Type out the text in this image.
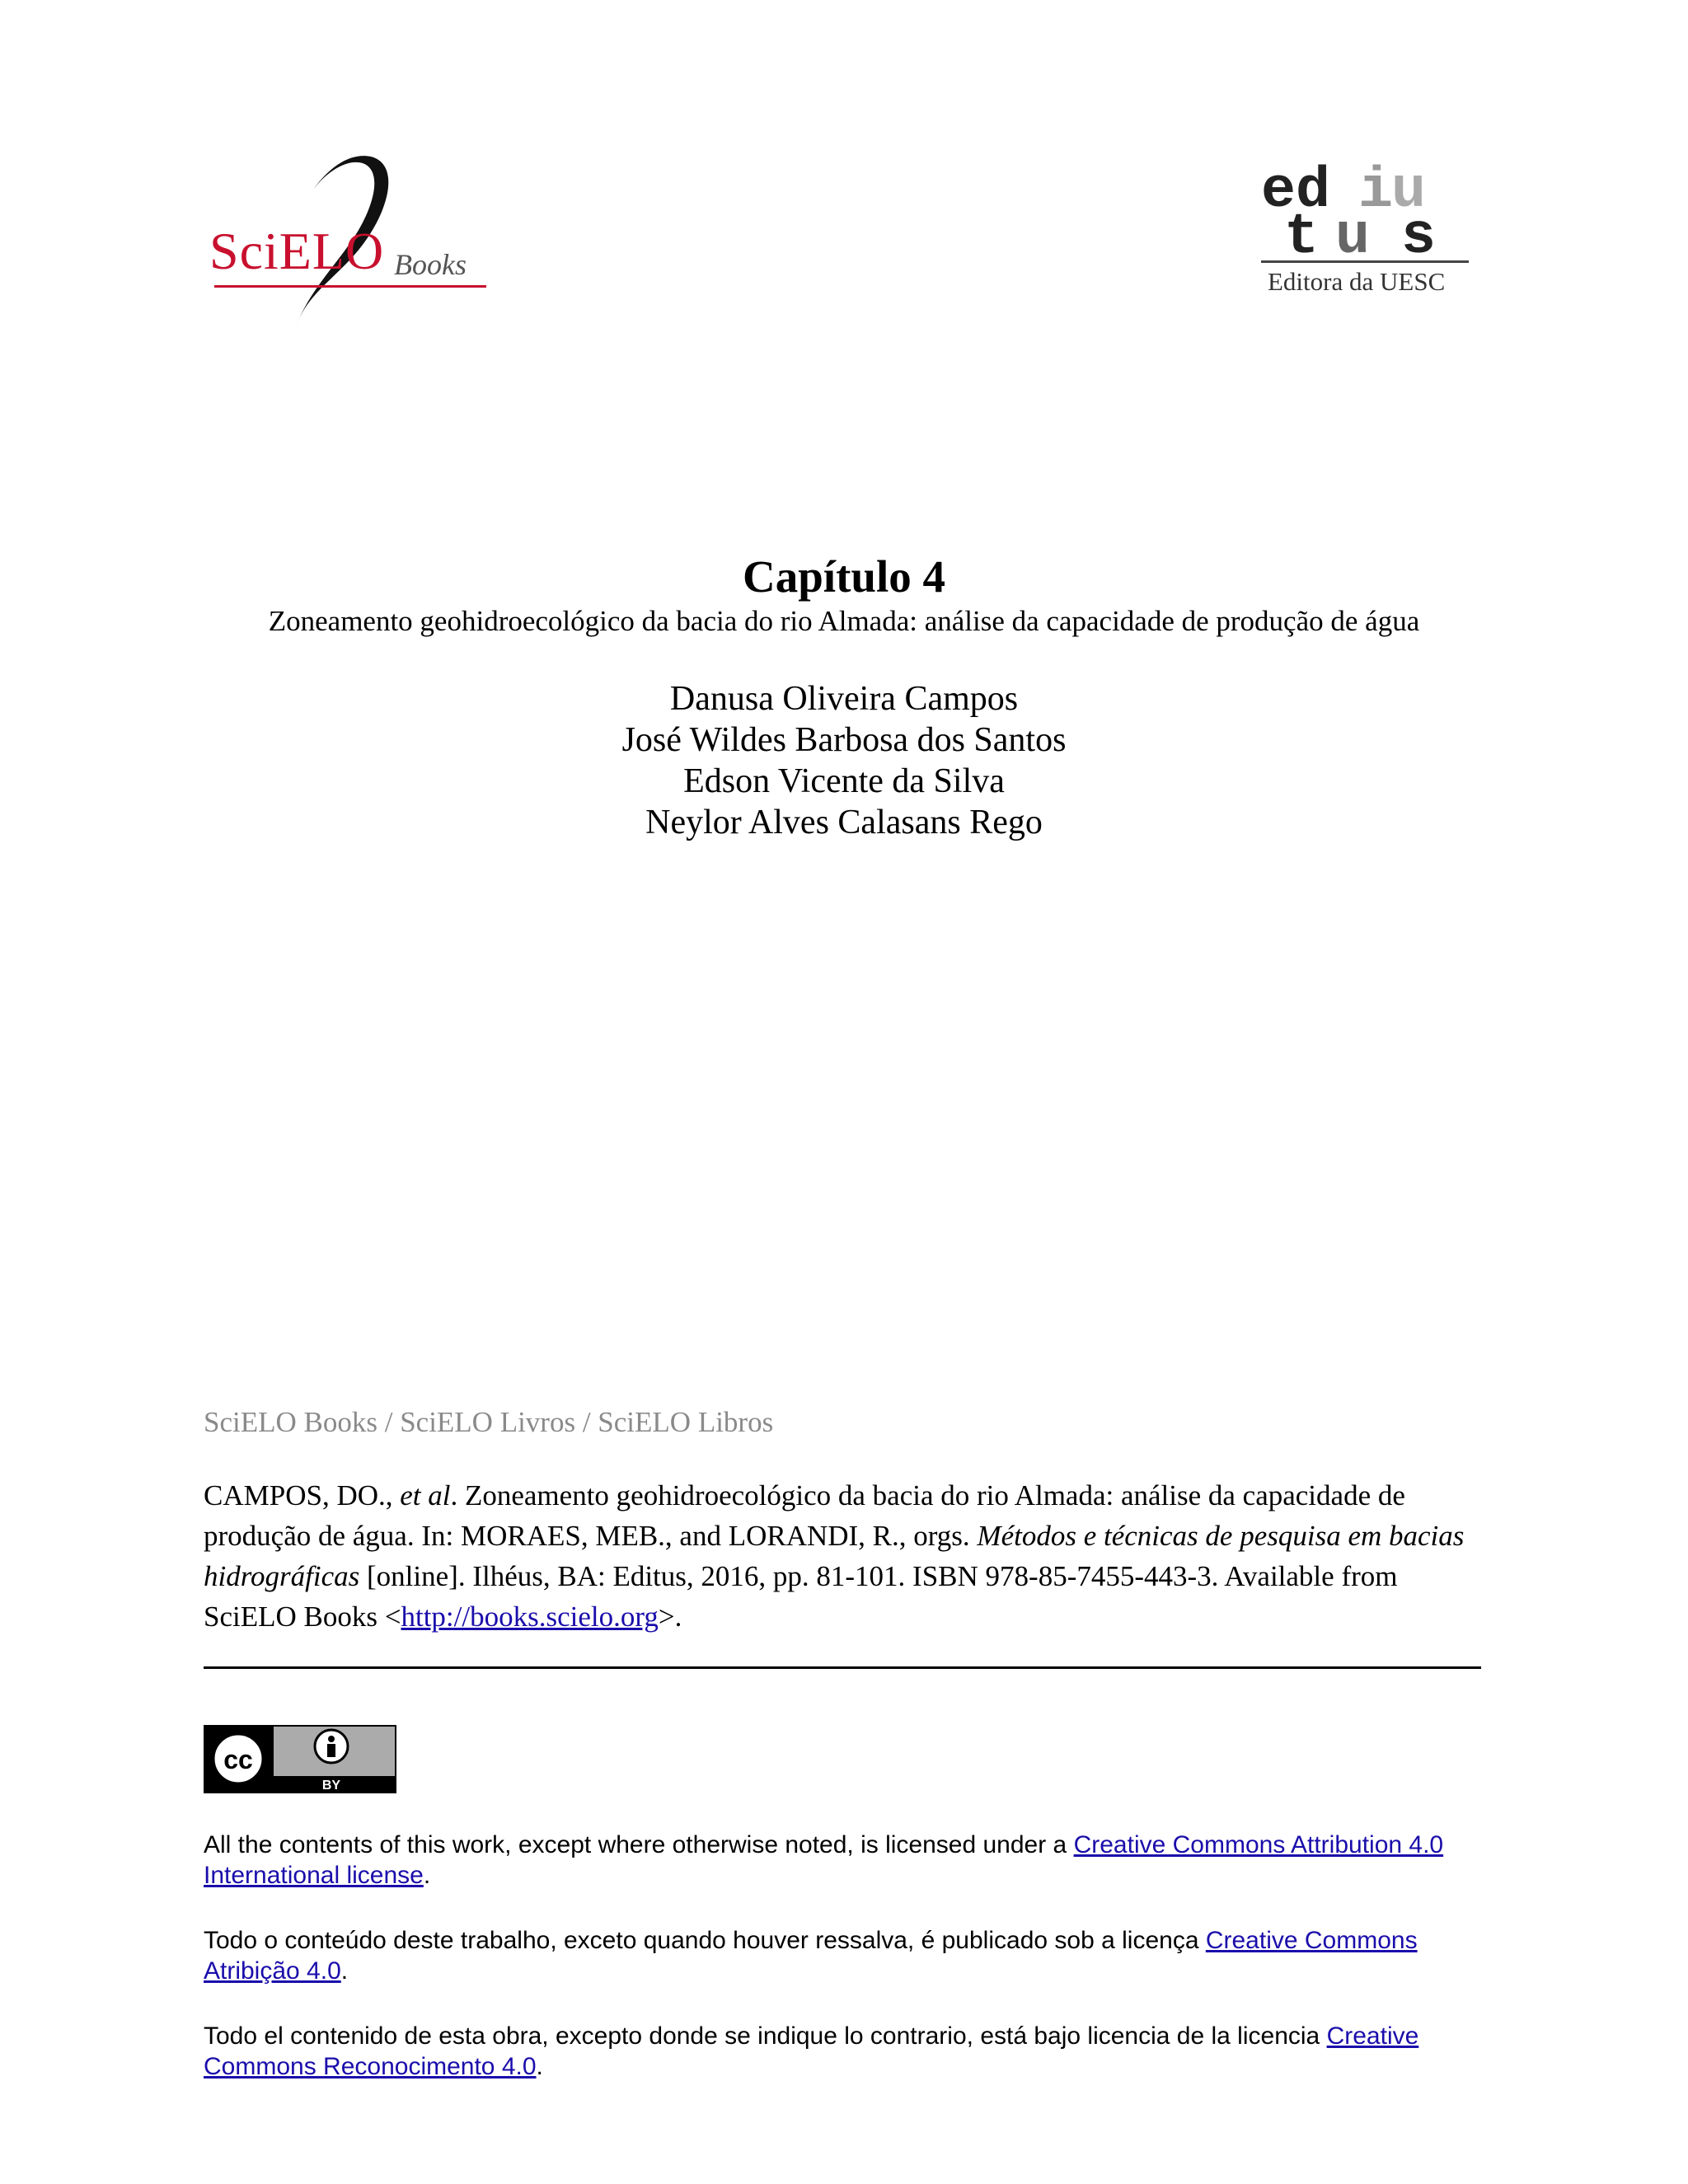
SciELO Books
ed i
u
t u s
Editora da UESC
Capítulo 4
Zoneamento geohidroecológico da bacia do rio Almada: análise da capacidade de produção de água
Danusa Oliveira Campos
José Wildes Barbosa dos Santos
Edson Vicente da Silva
Neylor Alves Calasans Rego
SciELO Books / SciELO Livros / SciELO Libros
CAMPOS, DO., et al. Zoneamento geohidroecológico da bacia do rio Almada: análise da capacidade de produção de água. In: MORAES, MEB., and LORANDI, R., orgs. Métodos e técnicas de pesquisa em bacias hidrográficas [online]. Ilhéus, BA: Editus, 2016, pp. 81-101. ISBN 978-85-7455-443-3. Available from SciELO Books <http://books.scielo.org>.
cc
BY
All the contents of this work, except where otherwise noted, is licensed under a Creative Commons Attribution 4.0 International license.
Todo o conteúdo deste trabalho, exceto quando houver ressalva, é publicado sob a licença Creative Commons Atribição 4.0.
Todo el contenido de esta obra, excepto donde se indique lo contrario, está bajo licencia de la licencia Creative Commons Reconocimento 4.0.
